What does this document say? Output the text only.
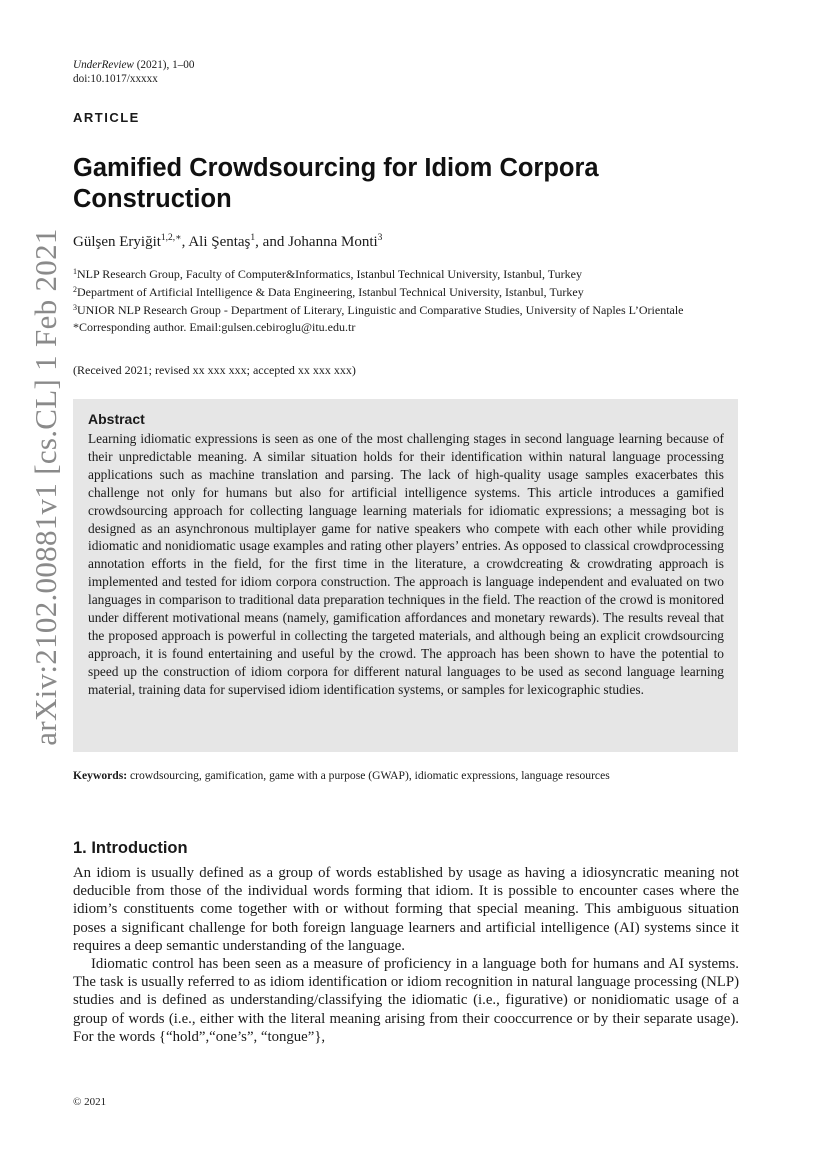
arXiv:2102.00881v1 [cs.CL] 1 Feb 2021
UnderReview (2021), 1–00
doi:10.1017/xxxxx
ARTICLE
Gamified Crowdsourcing for Idiom Corpora Construction
Gülşen Eryiğit$^{1,2,∗}$, Ali Şentaş$^1$, and Johanna Monti$^3$
$^1$NLP Research Group, Faculty of Computer&Informatics, Istanbul Technical University, Istanbul, Turkey
$^2$Department of Artificial Intelligence & Data Engineering, Istanbul Technical University, Istanbul, Turkey
$^3$UNIOR NLP Research Group - Department of Literary, Linguistic and Comparative Studies, University of Naples L’Orientale
*Corresponding author. Email:gulsen.cebiroglu@itu.edu.tr
(Received 2021; revised xx xxx xxx; accepted xx xxx xxx)
Abstract

Learning idiomatic expressions is seen as one of the most challenging stages in second language learning because of their unpredictable meaning. A similar situation holds for their identification within natural language processing applications such as machine translation and parsing. The lack of high-quality usage samples exacerbates this challenge not only for humans but also for artificial intelligence systems. This article introduces a gamified crowdsourcing approach for collecting language learning materials for idiomatic expressions; a messaging bot is designed as an asynchronous multiplayer game for native speakers who compete with each other while providing idiomatic and nonidiomatic usage examples and rating other players’ entries. As opposed to classical crowdprocessing annotation efforts in the field, for the first time in the literature, a crowdcreating & crowdrating approach is implemented and tested for idiom corpora construction. The approach is language independent and evaluated on two languages in comparison to traditional data preparation techniques in the field. The reaction of the crowd is monitored under different motivational means (namely, gamification affordances and monetary rewards). The results reveal that the proposed approach is powerful in collecting the targeted materials, and although being an explicit crowdsourcing approach, it is found entertaining and useful by the crowd. The approach has been shown to have the potential to speed up the construction of idiom corpora for different natural languages to be used as second language learning material, training data for supervised idiom identification systems, or samples for lexicographic studies.

Keywords: crowdsourcing, gamification, game with a purpose (GWAP), idiomatic expressions, language resources
1. Introduction

An idiom is usually defined as a group of words established by usage as having a idiosyncratic meaning not deducible from those of the individual words forming that idiom. It is possible to encounter cases where the idiom’s constituents come together with or without forming that special meaning. This ambiguous situation poses a significant challenge for both foreign language learners and artificial intelligence (AI) systems since it requires a deep semantic understanding of the language.

Idiomatic control has been seen as a measure of proficiency in a language both for humans and AI systems. The task is usually referred to as idiom identification or idiom recognition in natural language processing (NLP) studies and is defined as understanding/classifying the idiomatic (i.e., figurative) or nonidiomatic usage of a group of words (i.e., either with the literal meaning arising from their cooccurrence or by their separate usage). For the words {“hold”,“one’s”, “tongue”},

© 2021
